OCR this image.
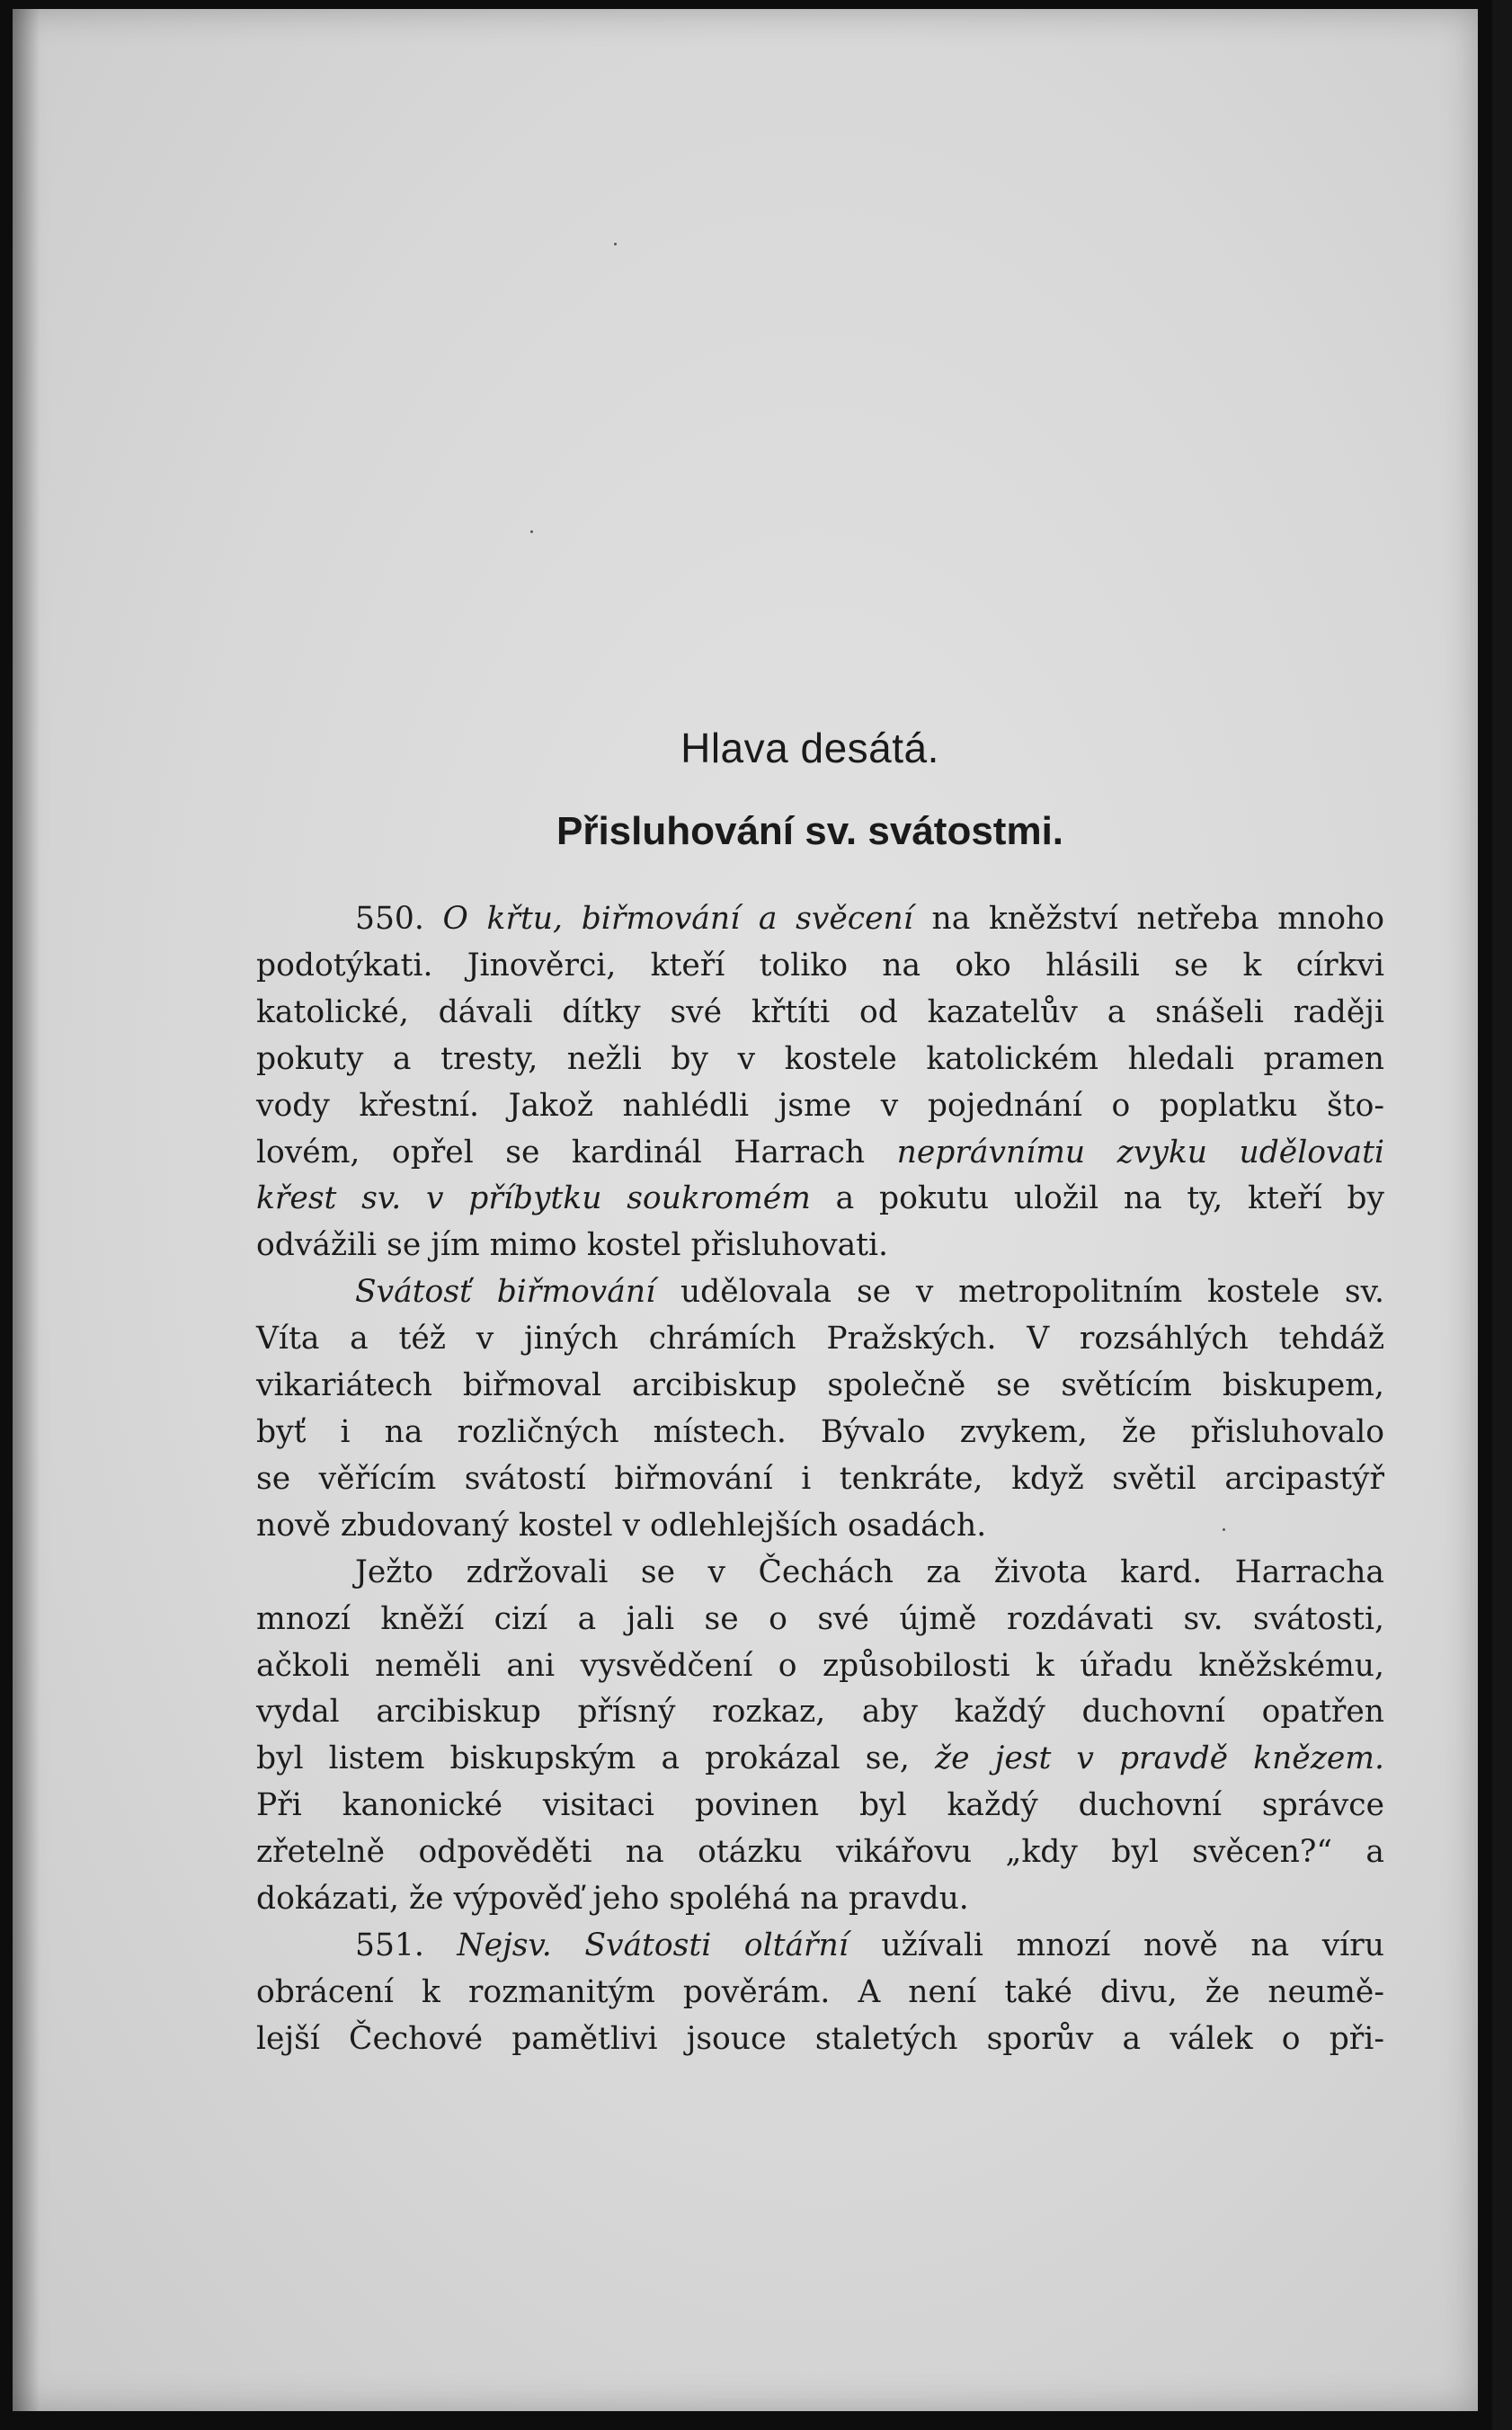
Hlava desátá.
Přisluhování sv. svátostmi.
550. O křtu, biřmování a svěcení na kněžství netřeba mnoho
podotýkati. Jinověrci, kteří toliko na oko hlásili se k církvi
katolické, dávali dítky své křtíti od kazatelův a snášeli raději
pokuty a tresty, nežli by v kostele katolickém hledali pramen
vody křestní. Jakož nahlédli jsme v pojednání o poplatku što-
lovém, opřel se kardinál Harrach neprávnímu zvyku udělovati
křest sv. v příbytku soukromém a pokutu uložil na ty, kteří by
odvážili se jím mimo kostel přisluhovati.
Svátosť biřmování udělovala se v metropolitním kostele sv.
Víta a též v jiných chrámích Pražských. V rozsáhlých tehdáž
vikariátech biřmoval arcibiskup společně se světícím biskupem,
byť i na rozličných místech. Bývalo zvykem, že přisluhovalo
se věřícím svátostí biřmování i tenkráte, když světil arcipastýř
nově zbudovaný kostel v odlehlejších osadách.
Ježto zdržovali se v Čechách za života kard. Harracha
mnozí kněží cizí a jali se o své újmě rozdávati sv. svátosti,
ačkoli neměli ani vysvědčení o způsobilosti k úřadu kněžskému,
vydal arcibiskup přísný rozkaz, aby každý duchovní opatřen
byl listem biskupským a prokázal se, že jest v pravdě knězem.
Při kanonické visitaci povinen byl každý duchovní správce
zřetelně odpověděti na otázku vikářovu „kdy byl svěcen?“ a
dokázati, že výpověď jeho spoléhá na pravdu.
551. Nejsv. Svátosti oltářní užívali mnozí nově na víru
obrácení k rozmanitým pověrám. A není také divu, že neumě-
lejší Čechové pamětlivi jsouce staletých sporův a válek o při-
